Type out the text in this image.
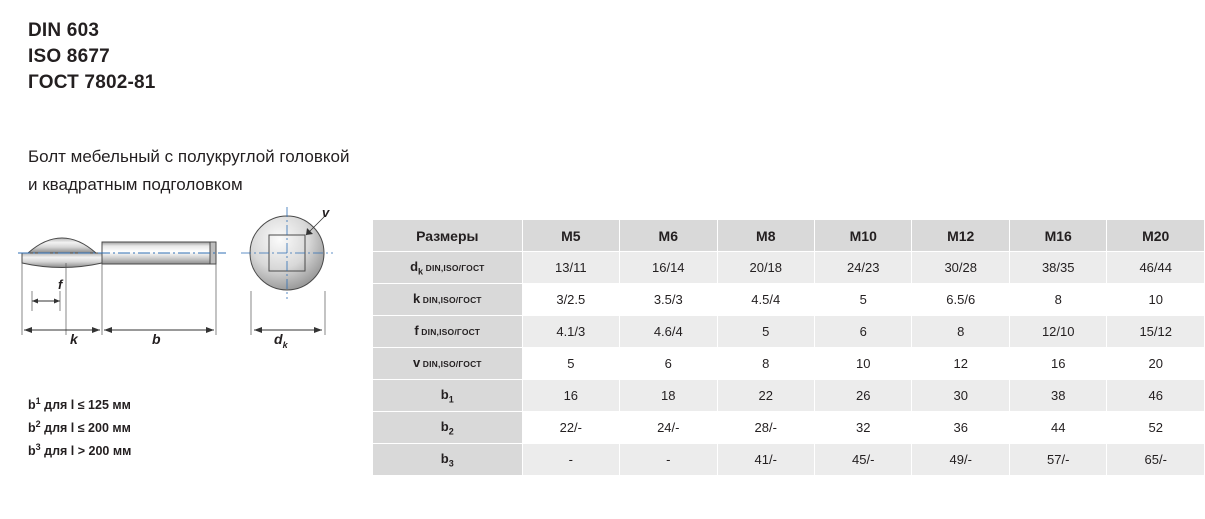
DIN 603
ISO 8677
ГОСТ 7802-81
Болт мебельный с полукруглой головкой
и квадратным подголовком
f
k	b	$d_k$
v
$b^1$ для l ≤ 125 мм
$b^2$ для l ≤ 200 мм
$b^3$ для l > 200 мм
Размеры	M5	M6	M8	M10	M12	M16	M20
$d_k$ DIN,ISO/ГОСТ	13/11	16/14	20/18	24/23	30/28	38/35	46/44
k DIN,ISO/ГОСТ	3/2.5	3.5/3	4.5/4	5	6.5/6	8	10
f DIN,ISO/ГОСТ	4.1/3	4.6/4	5	6	8	12/10	15/12
v DIN,ISO/ГОСТ	5	6	8	10	12	16	20
$b_1$	16	18	22	26	30	38	46
$b_2$	22/-	24/-	28/-	32	36	44	52
$b_3$	-	-	41/-	45/-	49/-	57/-	65/-
